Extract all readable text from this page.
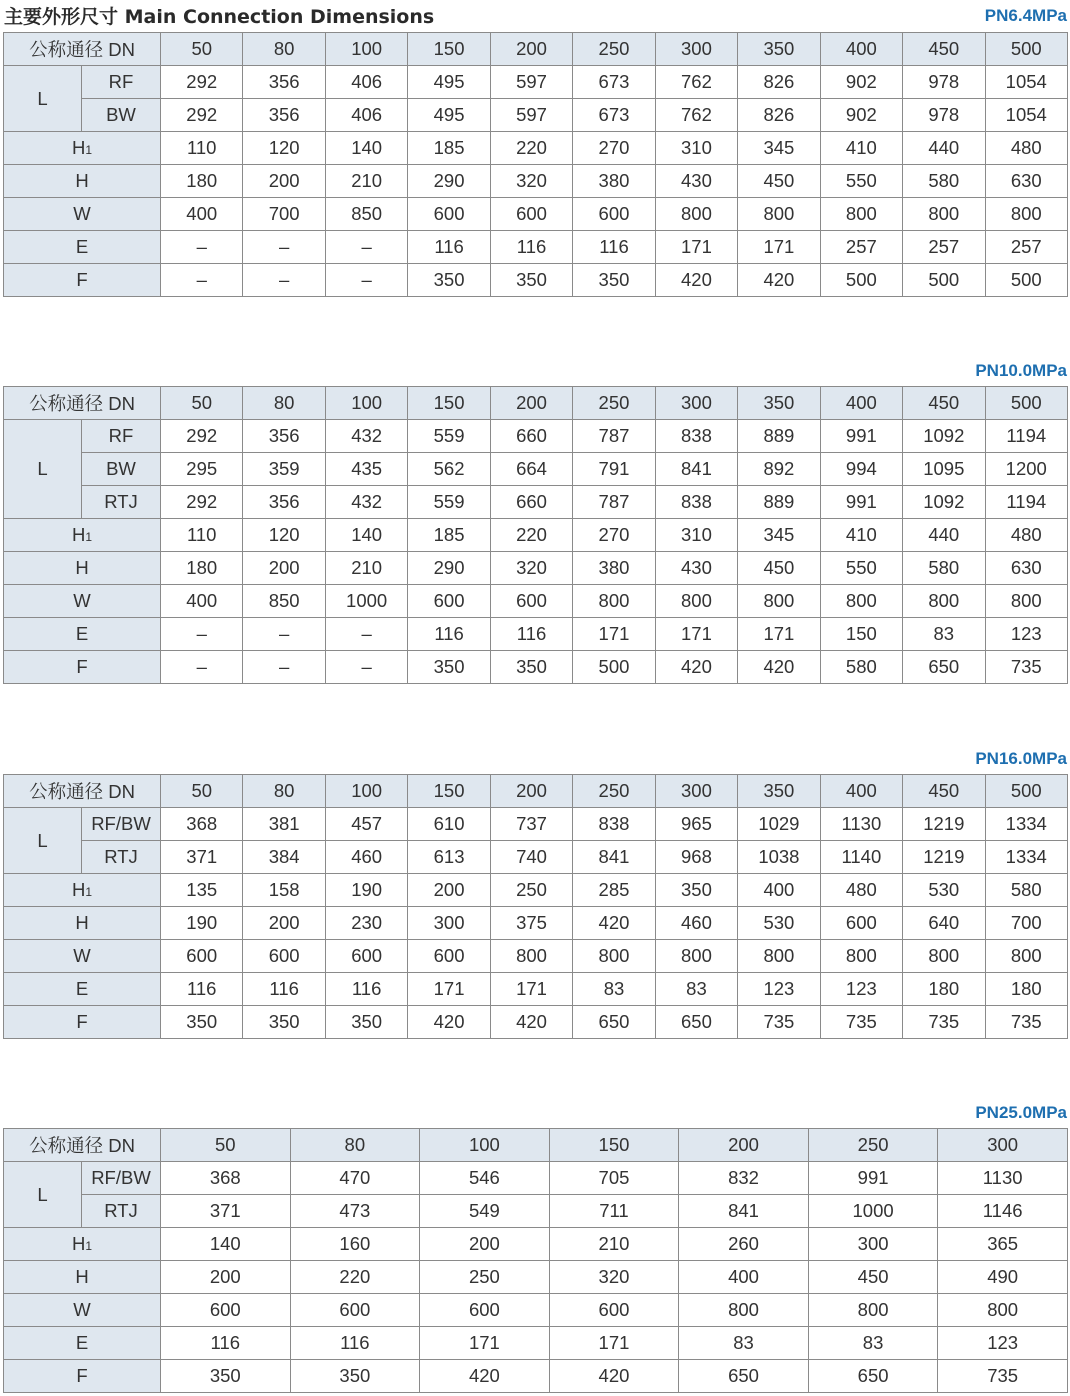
主要外形尺寸 Main Connection Dimensions	PN6.4MPa
公称通径 DN		50	80	100	150	200	250	300	350	400	450	500
L	RF	292	356	406	495	597	673	762	826	902	978	1054
	BW	292	356	406	495	597	673	762	826	902	978	1054
H1		110	120	140	185	220	270	310	345	410	440	480
H		180	200	210	290	320	380	430	450	550	580	630
W		400	700	850	600	600	600	800	800	800	800	800
E		–	–	–	116	116	116	171	171	257	257	257
F		–	–	–	350	350	350	420	420	500	500	500
PN10.0MPa
公称通径 DN		50	80	100	150	200	250	300	350	400	450	500
L	RF	292	356	432	559	660	787	838	889	991	1092	1194
	BW	295	359	435	562	664	791	841	892	994	1095	1200
	RTJ	292	356	432	559	660	787	838	889	991	1092	1194
H1		110	120	140	185	220	270	310	345	410	440	480
H		180	200	210	290	320	380	430	450	550	580	630
W		400	850	1000	600	600	800	800	800	800	800	800
E		–	–	–	116	116	171	171	171	150	83	123
F		–	–	–	350	350	500	420	420	580	650	735
PN16.0MPa
公称通径 DN		50	80	100	150	200	250	300	350	400	450	500
L	RF/BW	368	381	457	610	737	838	965	1029	1130	1219	1334
	RTJ	371	384	460	613	740	841	968	1038	1140	1219	1334
H1		135	158	190	200	250	285	350	400	480	530	580
H		190	200	230	300	375	420	460	530	600	640	700
W		600	600	600	600	800	800	800	800	800	800	800
E		116	116	116	171	171	83	83	123	123	180	180
F		350	350	350	420	420	650	650	735	735	735	735
PN25.0MPa
公称通径 DN		50	80	100	150	200	250	300
L	RF/BW	368	470	546	705	832	991	1130
	RTJ	371	473	549	711	841	1000	1146
H1		140	160	200	210	260	300	365
H		200	220	250	320	400	450	490
W		600	600	600	600	800	800	800
E		116	116	171	171	83	83	123
F		350	350	420	420	650	650	735
